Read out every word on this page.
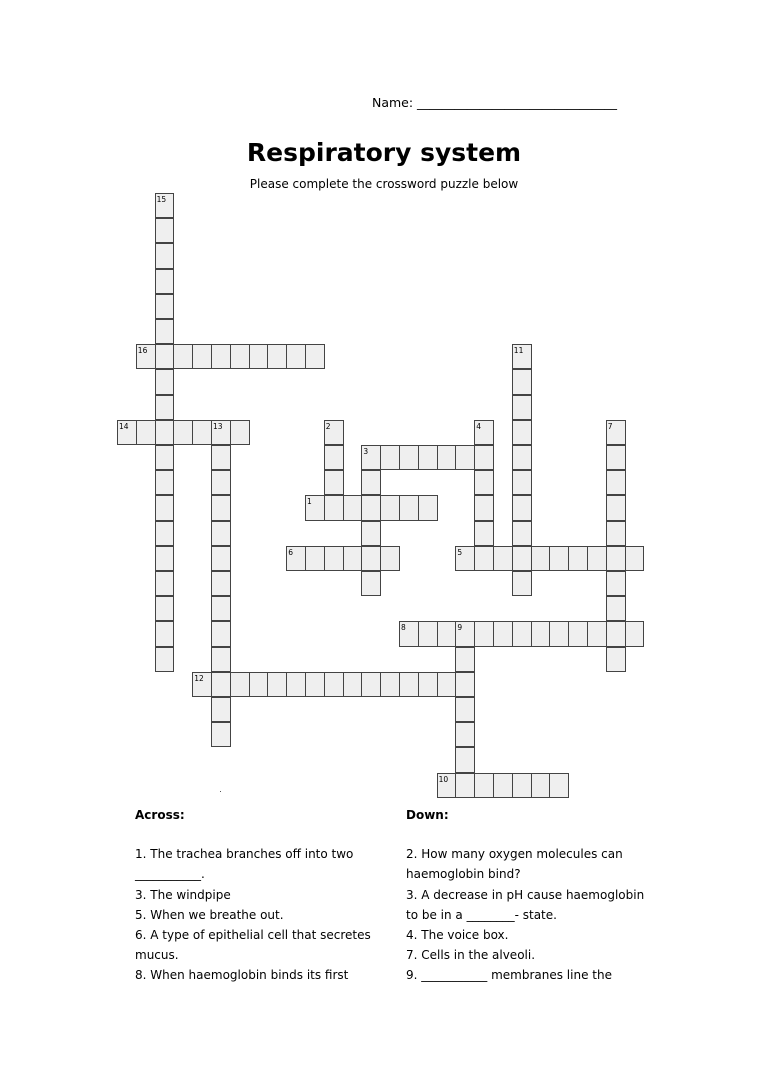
Name: ________________________________
Respiratory system
Please complete the crossword puzzle below
15
16	11
14	13	2	4	7
3
1
6	5
8	9
12
10
Across:

1. The trachea branches off into two ___________.

3. The windpipe

5. When we breathe out.

6. A type of epithelial cell that secretes mucus.

8. When haemoglobin binds its first

Down:

2. How many oxygen molecules can haemoglobin bind?

3. A decrease in pH cause haemoglobin to be in a ________- state.

4. The voice box.

7. Cells in the alveoli.

9. ___________ membranes line the
